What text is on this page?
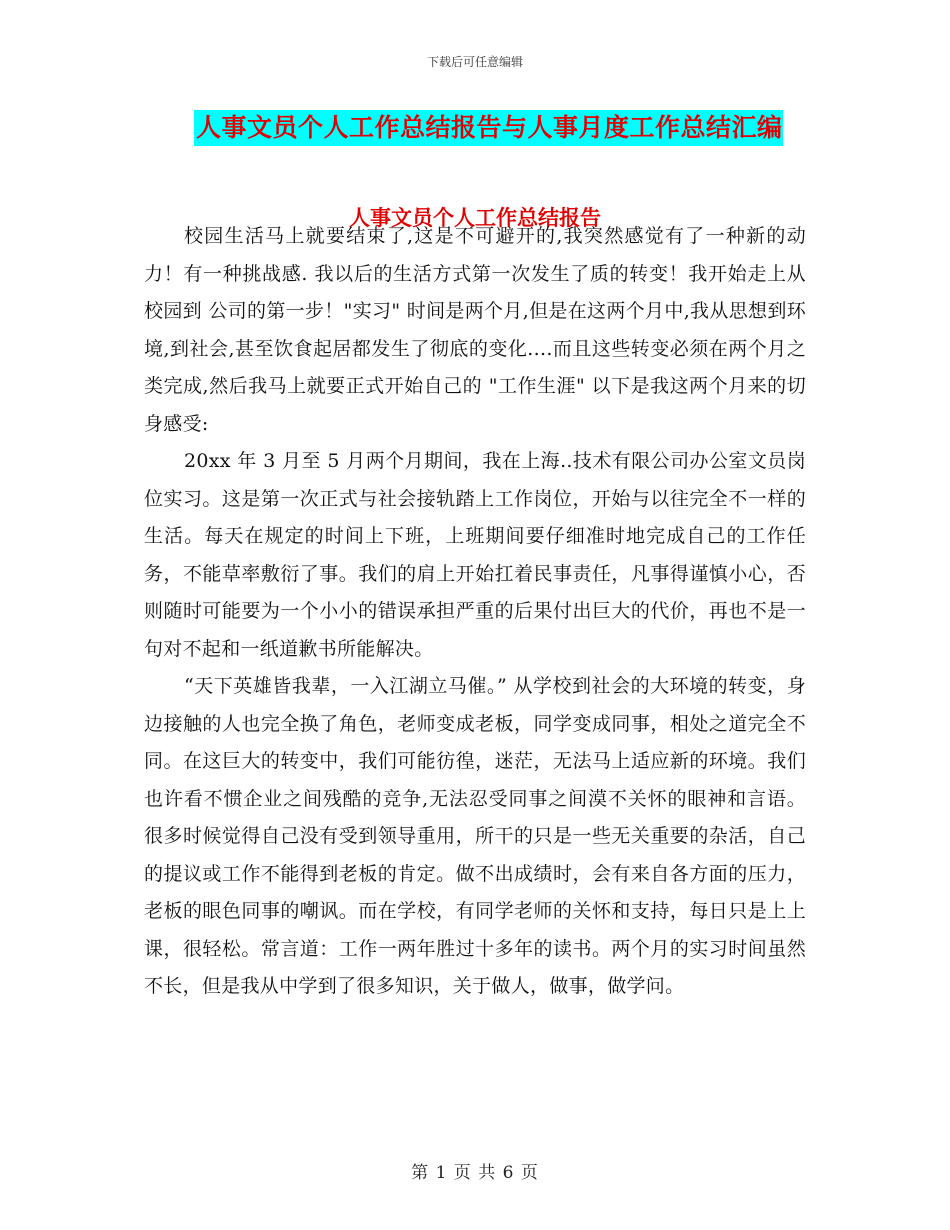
下载后可任意编辑
人事文员个人工作总结报告与人事月度工作总结汇编
人事文员个人工作总结报告

校园生活马上就要结束了,这是不可避开的,我突然感觉有了一种新的动力！有一种挑战感. 我以后的生活方式第一次发生了质的转变！我开始走上从校园到 公司的第一步！"实习" 时间是两个月,但是在这两个月中,我从思想到环境,到社会,甚至饮食起居都发生了彻底的变化....而且这些转变必须在两个月之类完成,然后我马上就要正式开始自己的 "工作生涯" 以下是我这两个月来的切身感受:

20xx 年 3 月至 5 月两个月期间，我在上海..技术有限公司办公室文员岗位实习。这是第一次正式与社会接轨踏上工作岗位，开始与以往完全不一样的生活。每天在规定的时间上下班，上班期间要仔细准时地完成自己的工作任务，不能草率敷衍了事。我们的肩上开始扛着民事责任，凡事得谨慎小心，否则随时可能要为一个小小的错误承担严重的后果付出巨大的代价，再也不是一句对不起和一纸道歉书所能解决。

“天下英雄皆我辈，一入江湖立马催。” 从学校到社会的大环境的转变，身边接触的人也完全换了角色，老师变成老板，同学变成同事，相处之道完全不同。在这巨大的转变中，我们可能彷徨，迷茫，无法马上适应新的环境。我们也许看不惯企业之间残酷的竞争,无法忍受同事之间漠不关怀的眼神和言语。很多时候觉得自己没有受到领导重用，所干的只是一些无关重要的杂活，自己的提议或工作不能得到老板的肯定。做不出成绩时，会有来自各方面的压力，老板的眼色同事的嘲讽。而在学校，有同学老师的关怀和支持，每日只是上上课，很轻松。常言道：工作一两年胜过十多年的读书。两个月的实习时间虽然不长，但是我从中学到了很多知识，关于做人，做事，做学问。

第 1 页 共 6 页
